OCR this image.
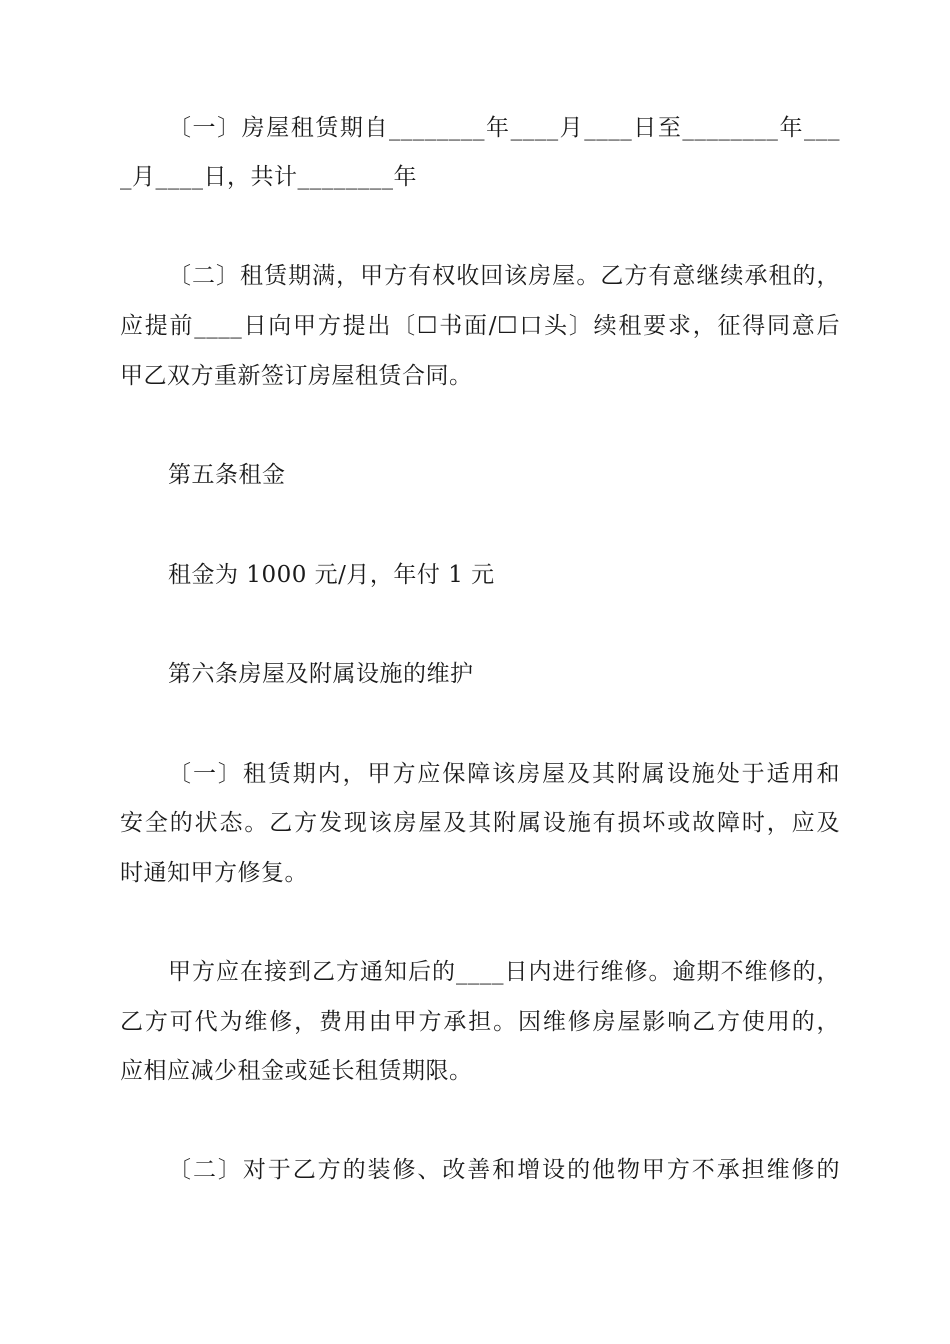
〔一〕房屋租赁期自________年____月____日至________年___
_月____日，共计________年
〔二〕租赁期满，甲方有权收回该房屋。乙方有意继续承租的，
应提前____日向甲方提出〔☐书面/☐口头〕续租要求，征得同意后
甲乙双方重新签订房屋租赁合同。
第五条租金
租金为 1000 元/月，年付 1 元
第六条房屋及附属设施的维护
〔一〕租赁期内，甲方应保障该房屋及其附属设施处于适用和
安全的状态。乙方发现该房屋及其附属设施有损坏或故障时，应及
时通知甲方修复。
甲方应在接到乙方通知后的____日内进行维修。逾期不维修的，
乙方可代为维修，费用由甲方承担。因维修房屋影响乙方使用的，
应相应减少租金或延长租赁期限。
〔二〕对于乙方的装修、改善和增设的他物甲方不承担维修的
